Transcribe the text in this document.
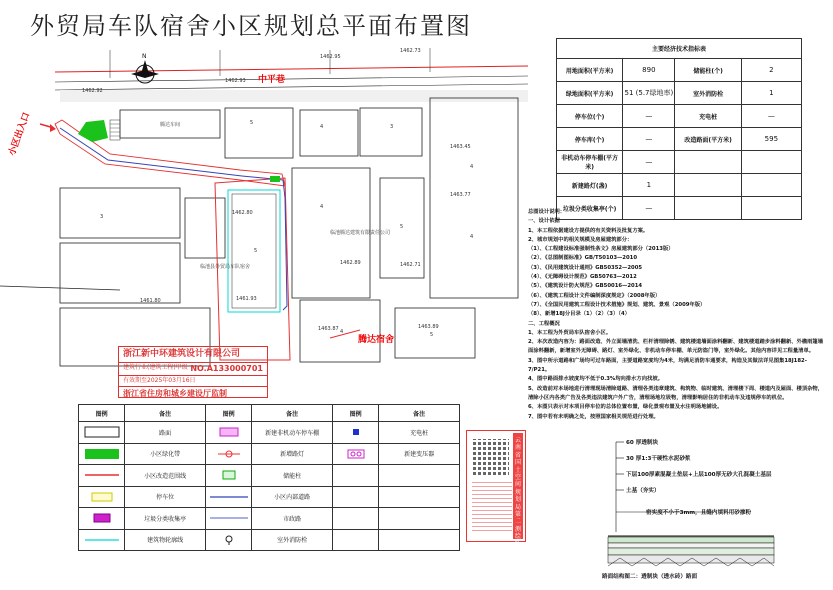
外贸局车队宿舍小区规划总平面布置图
中平巷
N
小区出入口
腾达宿舍
腾达车间
临池腾达建筑有限责任公司
临池县外贸局车队宿舍
1462.73
1462.93
1462.92
1462.95
1462.80
1461.93
1463.45
1463.77
1462.71
1462.89
1461.80
1463.87	1463.89
5
4	3
4
5
4
5
4
3
4	5
浙江新中环建筑设计有限公司
建筑行业(建筑工程)甲级 NO.A133000701
有效期至2025年03月16日
浙江省住房和城乡建设厅监制
主要经济技术指标表			
用地面积(平方米)	890	储能柱(个)	2
绿地面积(平方米)	51 (5.7绿地率)	室外消防栓	1
停车位(个)	—	充电桩	—
停车库(个)	—	改造路面(平方米)	595
非机动车停车棚(平方米)	—		
新建路灯(盏)	1		
垃圾分类收集亭(个)	—		

总图设计说明：

一、设计依据

1、本工程依据建设方提供的有关资料及批复方案。

2、城市规划中的相关规模及房屋建筑部分：

（1）、《工程建设标准强制性条文》房屋建筑部分（2013版）

（2）、《总图制图标准》GB/T50103—2010

（3）、《民用建筑设计通则》GB50352—2005

（4）、《无障碍设计规范》GB50763—2012

（5）、《建筑设计防火规范》GB50016—2014

（6）、《建筑工程设计文件编制深度规定》（2008年版）

（7）、《全国民用建筑工程设计技术措施》规划、建筑、景观（2009年版）

（8）、新增18J分目录（1）（2）（3）（4）

二、工程概况

1、本工程为外贸局车队宿舍小区。

2、本次改造内容为：路面改造、外立面墙清洗、栏杆清理除锈、建筑楼道墙面涂料翻新、建筑楼道踏步涂料翻新、外檐雨篷墙面涂料翻新，新增室外无障碍、路灯、室外绿化、非机动车停车棚、单元防盗门等，室外绿化。其他内容详见工程量清单。

3、图中所示道路和广场均可过车路面，主要道路宽度均为4米，均满足消防车通要求，构造及其做法详见图集18J182-7/P21。

4、图中路面排水坡度均不低于0.3%均向排水方向找坡。

5、改造前对本场地进行清理现场清除道路、清理各类违章建筑、构筑物、临时建筑、清理楼下周、楼道内及屋面、楼顶杂物，清除小区内各类广告及各类违法建筑户外广告，清理场地垃圾物，清理影响居住的非机动车及违规停车的机位。

6、本图只表示对本项目停车位的总体位置布置，绿化景观布置及水注明场地铺设。

7、图中若有未明确之处，按照国家相关规范进行处理。

图例	备注	图例	备注	图例	备注

	路面		新建非机动车停车棚		充电桩

	小区绿化带		新增路灯		新建变压器

	小区改造范围线		储能柱		

	停车位		小区内部道路		

	垃圾分类收集亭		市政路		

	建筑物轮廓线		室外消防栓		
云南省国土空间规划局第二测绘队
60 厚透制块
30 厚1:3干硬性水泥砂浆
下层100厚素混凝土垫层+上层100厚无砂大孔混凝土基层
土基（夯实）
密实度不小于3mm，且缝内填料用砂掺粉
路面结构图二：透制块（透水砖）路面
